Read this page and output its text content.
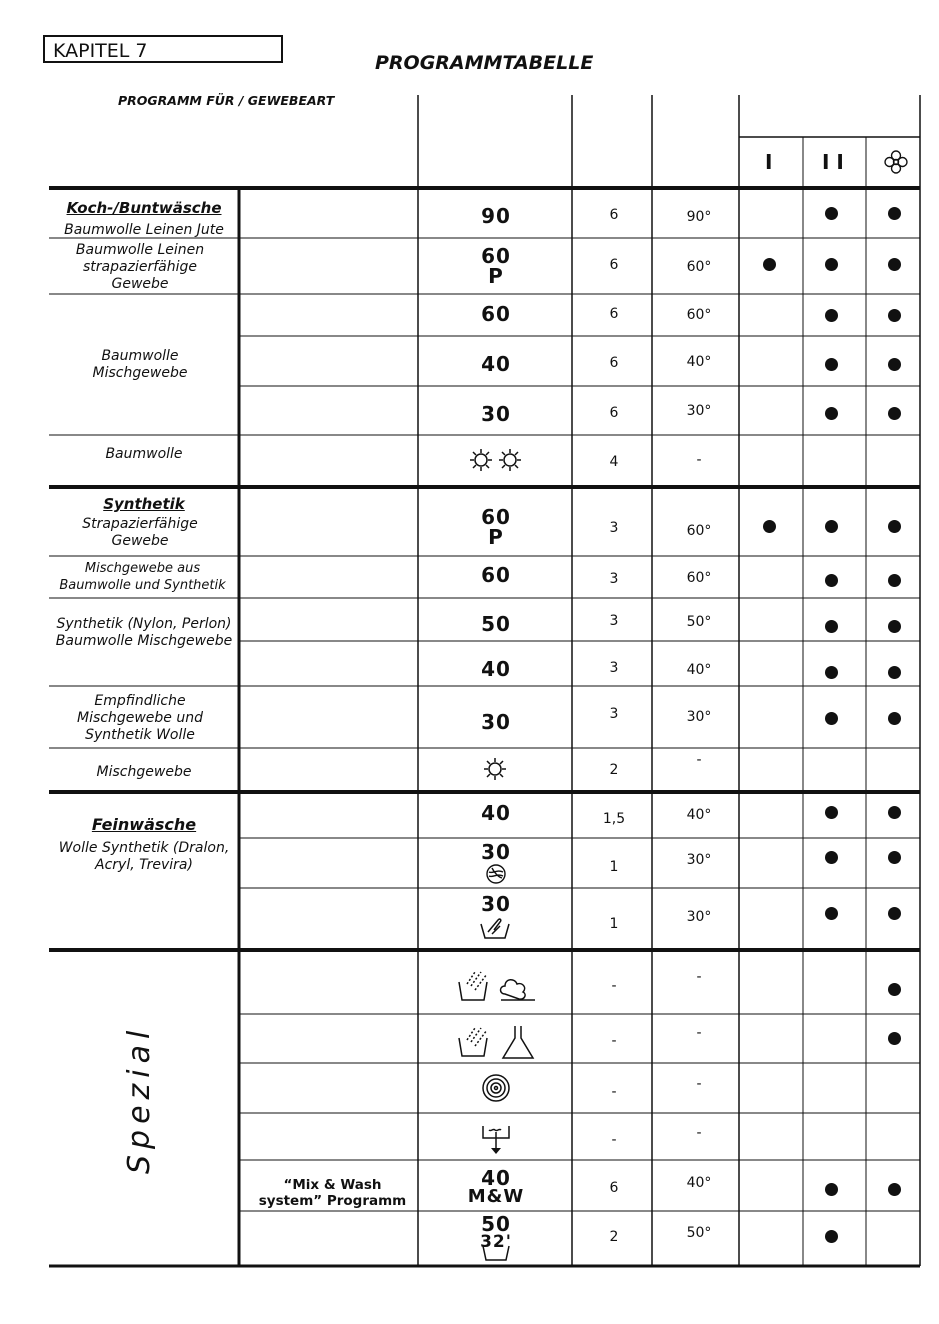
KAPITEL 7
PROGRAMMTABELLE
PROGRAMM FÜR / GEWEBEART
I I I
Koch-/Buntwäsche
Baumwolle Leinen Jute
Baumwolle Leinen strapazierfähige Gewebe
Baumwolle Mischgewebe
Baumwolle
Synthetik
Strapazierfähige Gewebe
Mischgewebe aus Baumwolle und Synthetik
Synthetik (Nylon, Perlon) Baumwolle Mischgewebe
Empfindliche Mischgewebe und Synthetik Wolle
Mischgewebe
Feinwäsche
Wolle Synthetik (Dralon, Acryl, Trevira)
Spezial
“Mix & Wash system” Programm
90
60
P
60
40
30
60
P
60
50
40
30
40
30
30
40
M&W
50
32'
6
6
6
6
6
4
3
3
3
3
3
2
1,5
1
1
-
-
-
-
6
2
90°
60°
60°
40°
30°
-
60°
60°
50°
40°
30°
-
40°
30°
30°
-
-
-
-
40°
50°
